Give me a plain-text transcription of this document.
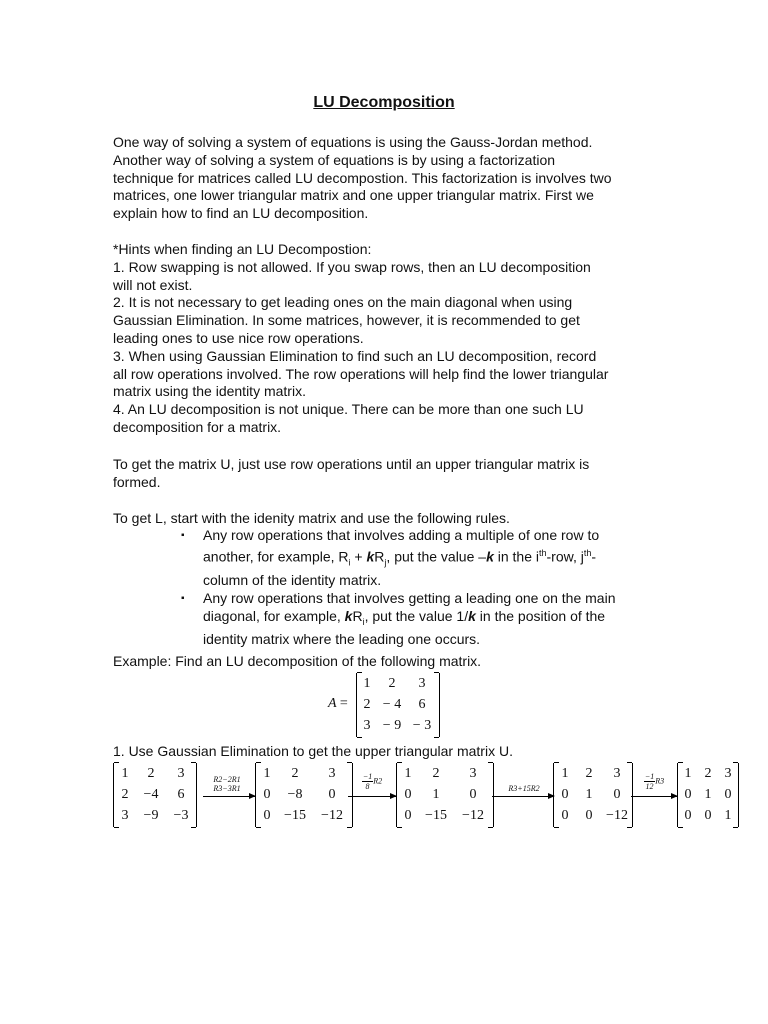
LU Decomposition

One way of solving a system of equations is using the Gauss-Jordan method.

Another way of solving a system of equations is by using a factorization

technique for matrices called LU decompostion. This factorization is involves two

matrices, one lower triangular matrix and one upper triangular matrix. First we

explain how to find an LU decomposition.

*Hints when finding an LU Decompostion:

1. Row swapping is not allowed. If you swap rows, then an LU decomposition

will not exist.

2. It is not necessary to get leading ones on the main diagonal when using

Gaussian Elimination. In some matrices, however, it is recommended to get

leading ones to use nice row operations.

3. When using Gaussian Elimination to find such an LU decomposition, record

all row operations involved. The row operations will help find the lower triangular

matrix using the identity matrix.

4. An LU decomposition is not unique. There can be more than one such LU

decomposition for a matrix.

To get the matrix U, just use row operations until an upper triangular matrix is

formed.

To get L, start with the idenity matrix and use the following rules.

▪ Any row operations that involves adding a multiple of one row to
another, for example, $R_i + kR_j$, put the value –k in the $i^{th}$-row, $j^{th}-$
column of the identity matrix.
▪ Any row operations that involves getting a leading one on the main
diagonal, for example, $kR_i$, put the value 1/k in the position of the
identity matrix where the leading one occurs.

Example: Find an LU decomposition of the following matrix.

A =
1 2 3
2 − 4 6
3 − 9 − 3

1. Use Gaussian Elimination to get the upper triangular matrix U.

1 2 3
2 −4 6
3 −9 −3
R2−2R1
R3−3R1
1 2 3
0 −8 0
0 −15 −12
$\frac{-1}{8} R2$
1 2 3
0 1 0
0 −15 −12
R3+15R2
1 2 3
0 1 0
0 0 −12
$\frac{-1}{12} R3$
1 2 3
0 1 0
0 0 1
